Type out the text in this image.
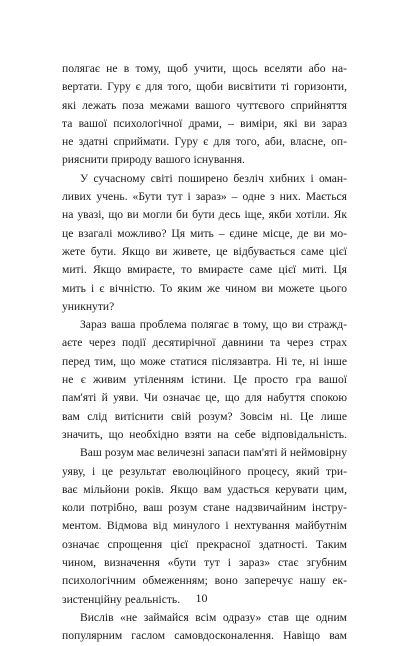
полягає не в тому, щоб учити, щось вселяти або на-
вертати. Гуру є для того, щоби висвітити ті горизонти,
які лежать поза межами вашого чуттєвого сприйняття
та вашої психологічної драми, – виміри, які ви зараз
не здатні сприймати. Гуру є для того, аби, власне, оп-
рияснити природу вашого існування.
У сучасному світі поширено безліч хибних і оман-
ливих учень. «Бути тут і зараз» – одне з них. Мається
на увазі, що ви могли би бути десь іще, якби хотіли. Як
це взагалі можливо? Ця мить – єдине місце, де ви мо-
жете бути. Якщо ви живете, це відбувається саме цієї
миті. Якщо вмираєте, то вмираєте саме цієї миті. Ця
мить і є вічністю. То яким же чином ви можете цього
уникнути?
Зараз ваша проблема полягає в тому, що ви стражд-
аєте через події десятирічної давнини та через страх
перед тим, що може статися післязавтра. Ні те, ні інше
не є живим утіленням істини. Це просто гра вашої
пам'яті й уяви. Чи означає це, що для набуття спокою
вам слід витіснити свій розум? Зовсім ні. Це лише
значить, що необхідно взяти на себе відповідальність.
Ваш розум має величезні запаси пам'яті й неймовірну
уяву, і це результат еволюційного процесу, який три-
ває мільйони років. Якщо вам удасться керувати цим,
коли потрібно, ваш розум стане надзвичайним інстру-
ментом. Відмова від минулого і нехтування майбутнім
означає спрощення цієї прекрасної здатності. Таким
чином, визначення «бути тут і зараз» стає згубним
психологічним обмеженням; воно заперечує нашу ек-
зистенційну реальність.
Вислів «не займайся всім одразу» став ще одним
популярним гаслом самовдосконалення. Навіщо вам
10
